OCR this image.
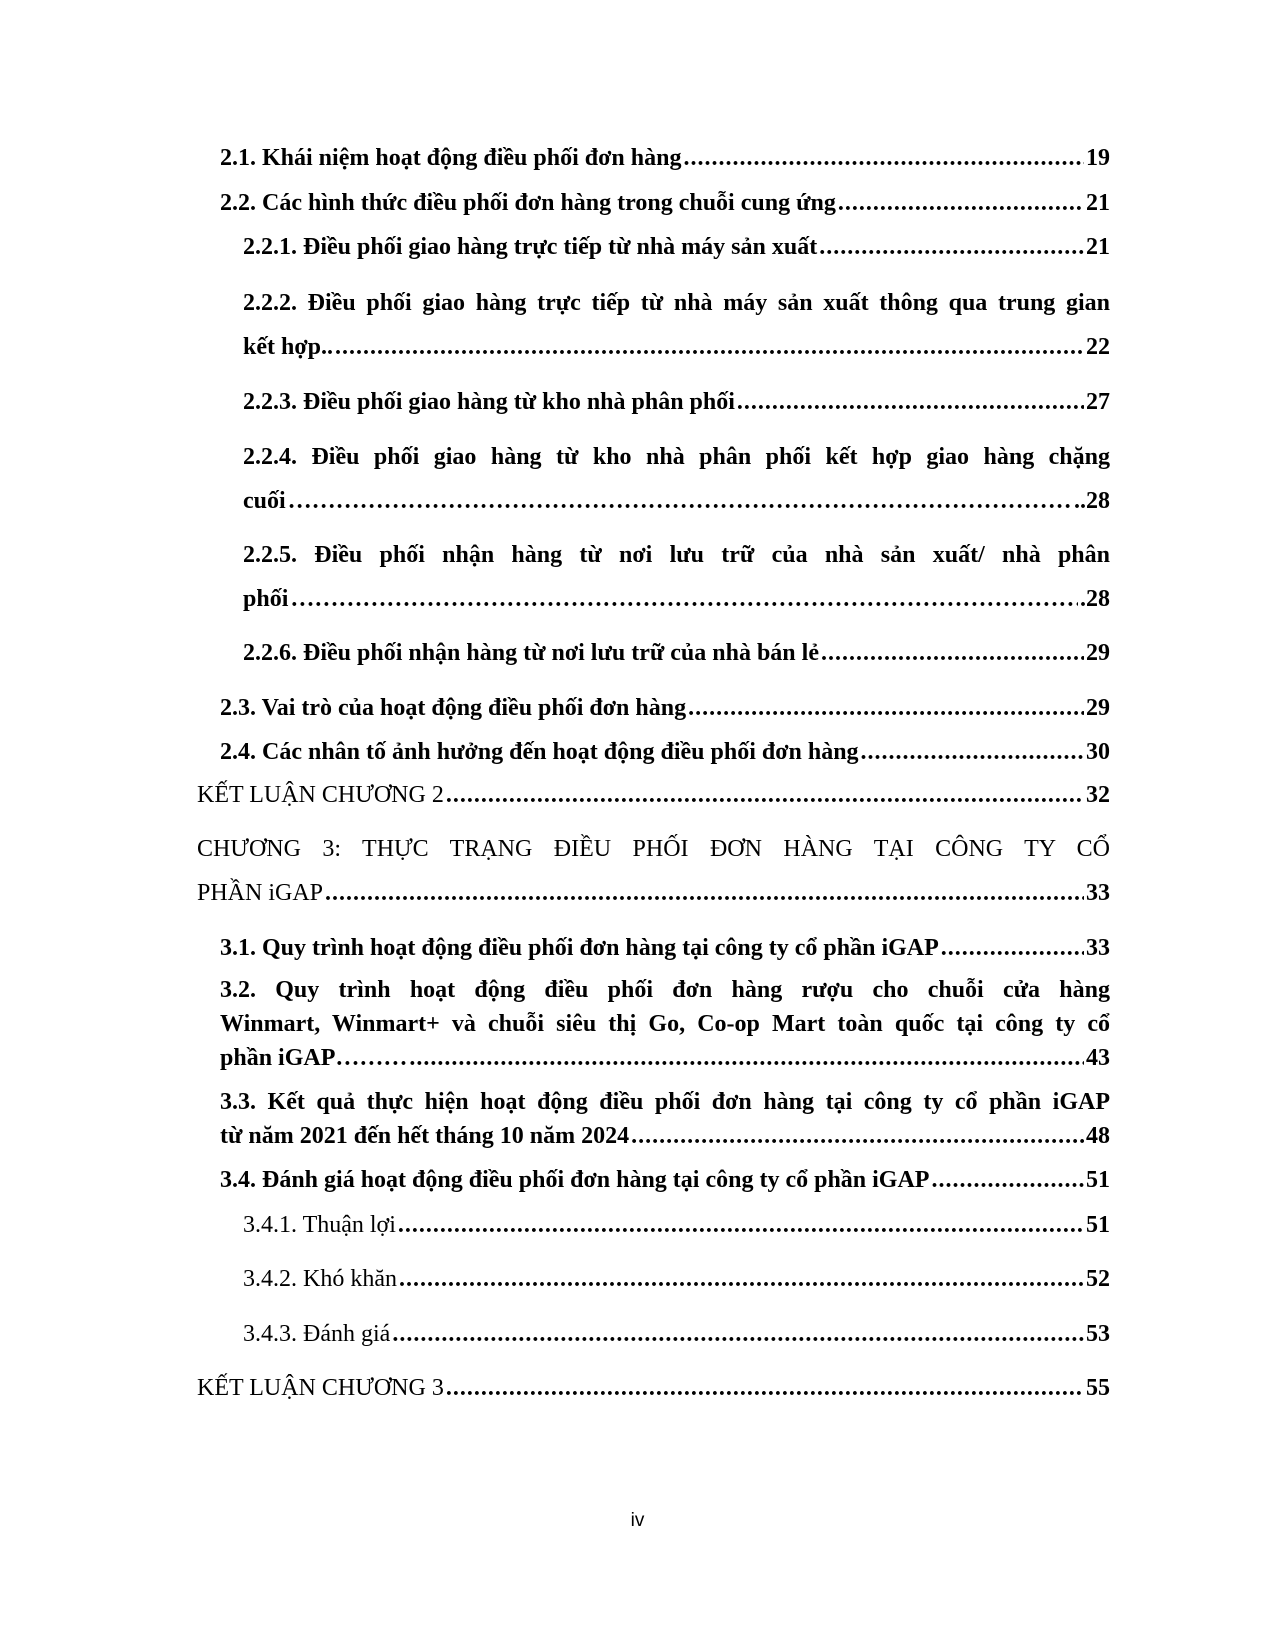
2.1. Khái niệm hoạt động điều phối đơn hàng .....	19
2.2. Các hình thức điều phối đơn hàng trong chuỗi cung ứng .....	21
2.2.1. Điều phối giao hàng trực tiếp từ nhà máy sản xuất .....	21
2.2.2. Điều phối giao hàng trực tiếp từ nhà máy sản xuất thông qua trung gian
kết hợp.. .....	22
2.2.3. Điều phối giao hàng từ kho nhà phân phối .....	27
2.2.4. Điều phối giao hàng từ kho nhà phân phối kết hợp giao hàng chặng
cuối …………………………………………………………………………………………………………………………………………………………………………………	..28
2.2.5. Điều phối nhận hàng từ nơi lưu trữ của nhà sản xuất/ nhà phân
phối …………………………………………………………………………………………………………………………………………………………………………………	.28
2.2.6. Điều phối nhận hàng từ nơi lưu trữ của nhà bán lẻ .....	29
2.3. Vai trò của hoạt động điều phối đơn hàng .....	29
2.4. Các nhân tố ảnh hưởng đến hoạt động điều phối đơn hàng .....	30
KẾT LUẬN CHƯƠNG 2 .....	32
CHƯƠNG 3: THỰC TRẠNG ĐIỀU PHỐI ĐƠN HÀNG TẠI CÔNG TY CỔ
PHẦN iGAP .....	33
3.1. Quy trình hoạt động điều phối đơn hàng tại công ty cổ phần iGAP .....	33
3.2. Quy trình hoạt động điều phối đơn hàng rượu cho chuỗi cửa hàng
Winmart, Winmart+ và chuỗi siêu thị Go, Co-op Mart toàn quốc tại công ty cổ
phần iGAP……… .....	43
3.3. Kết quả thực hiện hoạt động điều phối đơn hàng tại công ty cổ phần iGAP
từ năm 2021 đến hết tháng 10 năm 2024 .....	48
3.4. Đánh giá hoạt động điều phối đơn hàng tại công ty cổ phần iGAP .....	51
3.4.1. Thuận lợi .....	51
3.4.2. Khó khăn .....	52
3.4.3. Đánh giá .....	53
KẾT LUẬN CHƯƠNG 3 .....	55
iv
